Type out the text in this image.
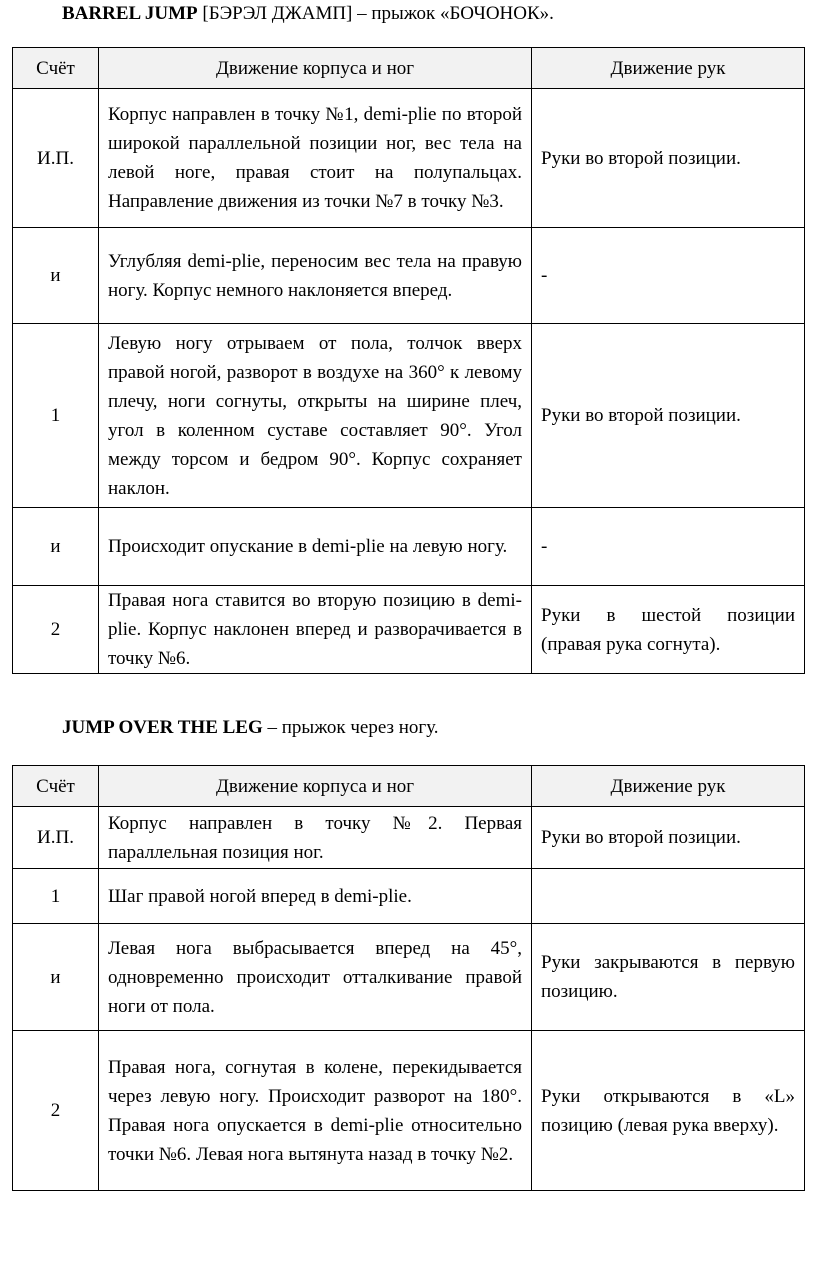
BARREL JUMP [БЭРЭЛ ДЖАМП] – прыжок «БОЧОНОК».
Счёт	Движение корпуса и ног	Движение рук
И.П.	Корпус направлен в точку №1, demi-plie по второй широкой параллельной позиции ног, вес тела на левой ноге, правая стоит на полупальцах. Направление движения из точки №7 в точку №3.	Руки во второй позиции.
и	Углубляя demi-plie, переносим вес тела на правую ногу. Корпус немного наклоняется вперед.	-
1	Левую ногу отрываем от пола, толчок вверх правой ногой, разворот в воздухе на 360° к левому плечу, ноги согнуты, открыты на ширине плеч, угол в коленном суставе составляет 90°. Угол между торсом и бедром 90°. Корпус сохраняет наклон.	Руки во второй позиции.
и	Происходит опускание в demi-plie на левую ногу.	-
2	Правая нога ставится во вторую позицию в demi-plie. Корпус наклонен вперед и разворачивается в точку №6.	Руки в шестой позиции (правая рука согнута).
JUMP OVER THE LEG – прыжок через ногу.
Счёт	Движение корпуса и ног	Движение рук
И.П.	Корпус направлен в точку №2. Первая параллельная позиция ног.	Руки во второй позиции.
1	Шаг правой ногой вперед в demi-plie.	
и	Левая нога выбрасывается вперед на 45°, одновременно происходит отталкивание правой ноги от пола.	Руки закрываются в первую позицию.
2	Правая нога, согнутая в колене, перекидывается через левую ногу. Происходит разворот на 180°. Правая нога опускается в demi-plie относительно точки №6. Левая нога вытянута назад в точку №2.	Руки открываются в «L» позицию (левая рука вверху).
